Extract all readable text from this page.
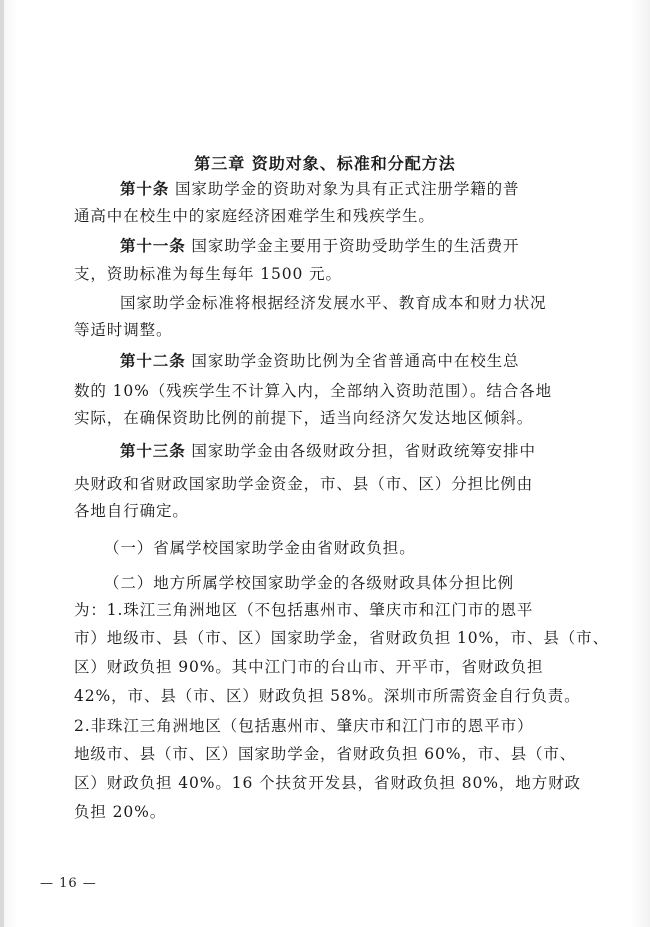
第三章 资助对象、标准和分配方法
第十条 国家助学金的资助对象为具有正式注册学籍的普
通高中在校生中的家庭经济困难学生和残疾学生。
第十一条 国家助学金主要用于资助受助学生的生活费开
支，资助标准为每生每年 1500 元。
国家助学金标准将根据经济发展水平、教育成本和财力状况
等适时调整。
第十二条 国家助学金资助比例为全省普通高中在校生总
数的 10%（残疾学生不计算入内，全部纳入资助范围）。结合各地
实际，在确保资助比例的前提下，适当向经济欠发达地区倾斜。
第十三条 国家助学金由各级财政分担，省财政统筹安排中
央财政和省财政国家助学金资金，市、县（市、区）分担比例由
各地自行确定。
（一）省属学校国家助学金由省财政负担。
（二）地方所属学校国家助学金的各级财政具体分担比例
为：1.珠江三角洲地区（不包括惠州市、肇庆市和江门市的恩平
市）地级市、县（市、区）国家助学金，省财政负担 10%，市、县（市、
区）财政负担 90%。其中江门市的台山市、开平市，省财政负担
42%，市、县（市、区）财政负担 58%。深圳市所需资金自行负责。
2.非珠江三角洲地区（包括惠州市、肇庆市和江门市的恩平市）
地级市、县（市、区）国家助学金，省财政负担 60%，市、县（市、
区）财政负担 40%。16 个扶贫开发县，省财政负担 80%，地方财政
负担 20%。
— 16 —
